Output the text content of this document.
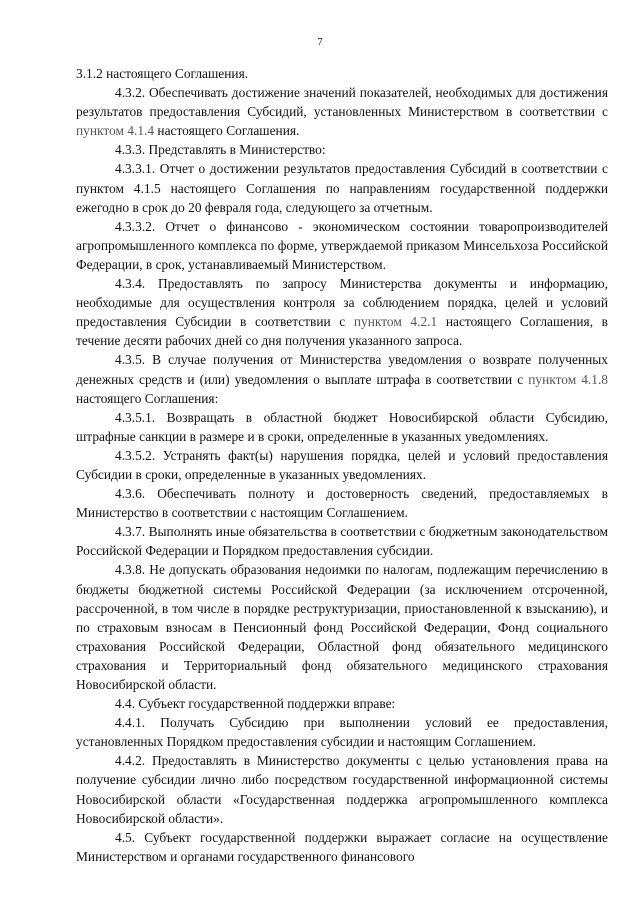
7

3.1.2 настоящего Соглашения.

4.3.2. Обеспечивать достижение значений показателей, необходимых для достижения результатов предоставления Субсидий, установленных Министерством в соответствии с пунктом 4.1.4 настоящего Соглашения.

4.3.3. Представлять в Министерство:

4.3.3.1. Отчет о достижении результатов предоставления Субсидий в соответствии с пунктом 4.1.5 настоящего Соглашения по направлениям государственной поддержки ежегодно в срок до 20 февраля года, следующего за отчетным.

4.3.3.2. Отчет о финансово - экономическом состоянии товаропроизводителей агропромышленного комплекса по форме, утверждаемой приказом Минсельхоза Российской Федерации, в срок, устанавливаемый Министерством.

4.3.4. Предоставлять по запросу Министерства документы и информацию, необходимые для осуществления контроля за соблюдением порядка, целей и условий предоставления Субсидии в соответствии с пунктом 4.2.1 настоящего Соглашения, в течение десяти рабочих дней со дня получения указанного запроса.

4.3.5. В случае получения от Министерства уведомления о возврате полученных денежных средств и (или) уведомления о выплате штрафа в соответствии с пунктом 4.1.8 настоящего Соглашения:

4.3.5.1. Возвращать в областной бюджет Новосибирской области Субсидию, штрафные санкции в размере и в сроки, определенные в указанных уведомлениях.

4.3.5.2. Устранять факт(ы) нарушения порядка, целей и условий предоставления Субсидии в сроки, определенные в указанных уведомлениях.

4.3.6. Обеспечивать полноту и достоверность сведений, предоставляемых в Министерство в соответствии с настоящим Соглашением.

4.3.7. Выполнять иные обязательства в соответствии с бюджетным законодательством Российской Федерации и Порядком предоставления субсидии.

4.3.8. Не допускать образования недоимки по налогам, подлежащим перечислению в бюджеты бюджетной системы Российской Федерации (за исключением отсроченной, рассроченной, в том числе в порядке реструктуризации, приостановленной к взысканию), и по страховым взносам в Пенсионный фонд Российской Федерации, Фонд социального страхования Российской Федерации, Областной фонд обязательного медицинского страхования и Территориальный фонд обязательного медицинского страхования Новосибирской области.

4.4. Субъект государственной поддержки вправе:

4.4.1. Получать Субсидию при выполнении условий ее предоставления, установленных Порядком предоставления субсидии и настоящим Соглашением.

4.4.2. Предоставлять в Министерство документы с целью установления права на получение субсидии лично либо посредством государственной информационной системы Новосибирской области «Государственная поддержка агропромышленного комплекса Новосибирской области».

4.5. Субъект государственной поддержки выражает согласие на осуществление Министерством и органами государственного финансового
